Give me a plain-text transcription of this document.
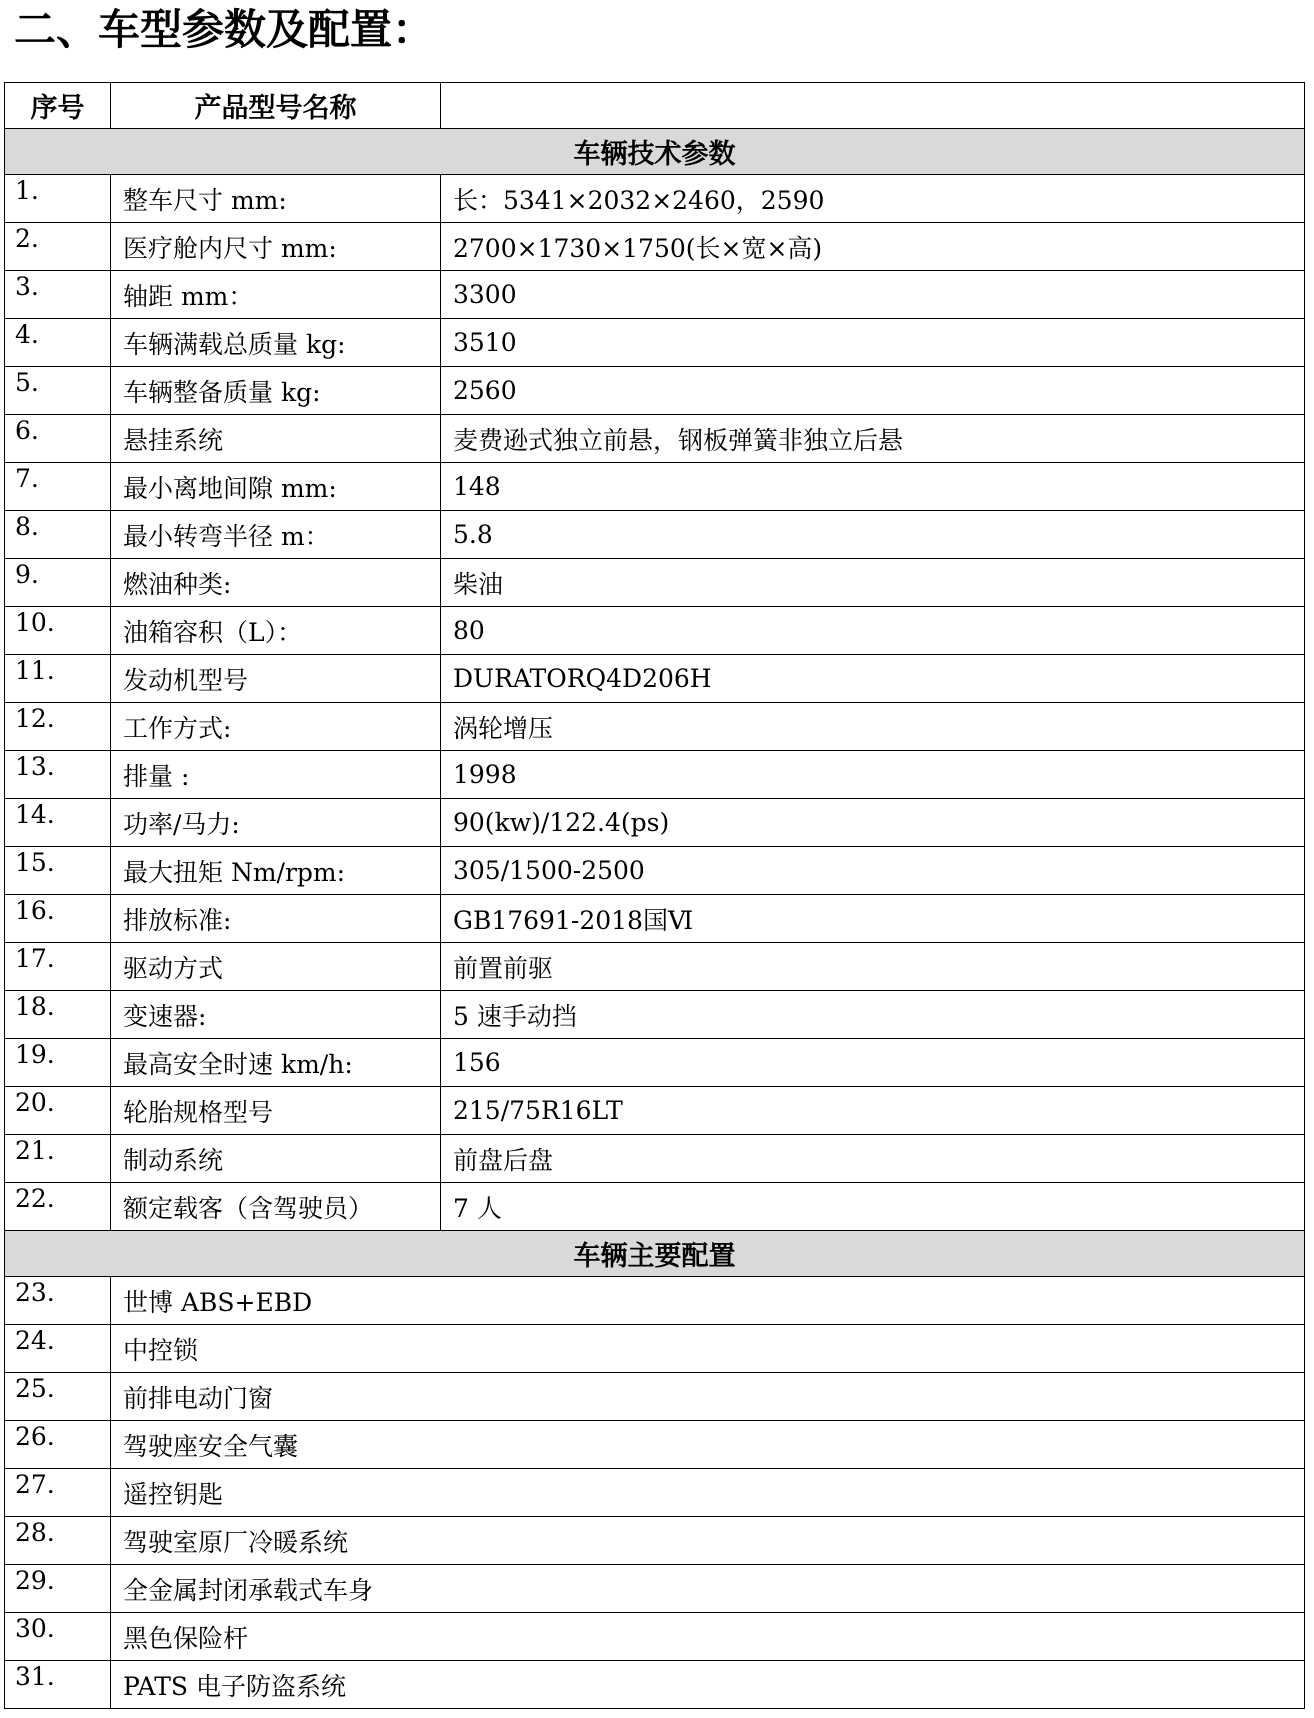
二、车型参数及配置：
序号	产品型号名称	
车辆技术参数		
1.	整车尺寸 mm:	长：5341×2032×2460，2590
2.	医疗舱内尺寸 mm:	2700×1730×1750(长×宽×高)
3.	轴距 mm：	3300
4.	车辆满载总质量 kg:	3510
5.	车辆整备质量 kg:	2560
6.	悬挂系统	麦费逊式独立前悬，钢板弹簧非独立后悬
7.	最小离地间隙 mm:	148
8.	最小转弯半径 m：	5.8
9.	燃油种类:	柴油
10.	油箱容积（L）：	80
11.	发动机型号	DURATORQ4D206H
12.	工作方式:	涡轮增压
13.	排量 :	1998
14.	功率/马力:	90(kw)/122.4(ps)
15.	最大扭矩 Nm/rpm:	305/1500-2500
16.	排放标准:	GB17691-2018国Ⅵ
17.	驱动方式	前置前驱
18.	变速器:	5 速手动挡
19.	最高安全时速 km/h:	156
20.	轮胎规格型号	215/75R16LT
21.	制动系统	前盘后盘
22.	额定载客（含驾驶员）	7 人
车辆主要配置		
23.	世博 ABS+EBD	
24.	中控锁	
25.	前排电动门窗	
26.	驾驶座安全气囊	
27.	遥控钥匙	
28.	驾驶室原厂冷暖系统	
29.	全金属封闭承载式车身	
30.	黑色保险杆	
31.	PATS 电子防盗系统	
